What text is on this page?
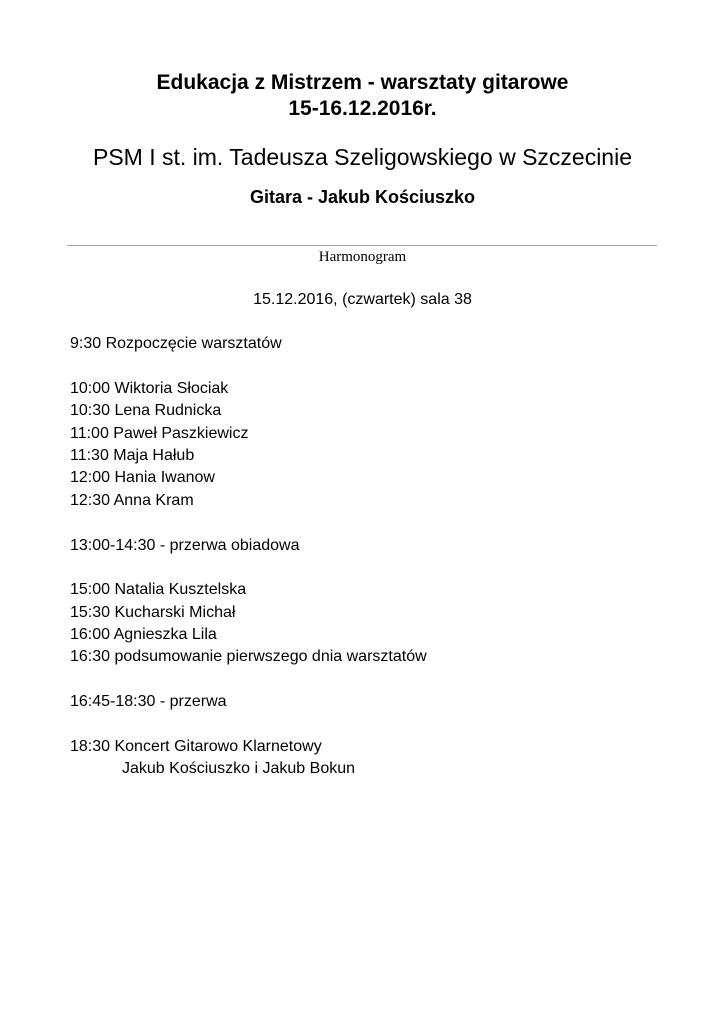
Edukacja z Mistrzem - warsztaty gitarowe
15-16.12.2016r.

PSM I st. im. Tadeusza Szeligowskiego w Szczecinie

Gitara - Jakub Kościuszko

Harmonogram
15.12.2016, (czwartek) sala 38
9:30 Rozpoczęcie warsztatów
10:00 Wiktoria Słociak
10:30 Lena Rudnicka
11:00 Paweł Paszkiewicz
11:30 Maja Hałub
12:00 Hania Iwanow
12:30 Anna Kram
13:00-14:30 - przerwa obiadowa
15:00 Natalia Kusztelska
15:30 Kucharski Michał
16:00 Agnieszka Lila
16:30 podsumowanie pierwszego dnia warsztatów
16:45-18:30 - przerwa
18:30 Koncert Gitarowo Klarnetowy
Jakub Kościuszko i Jakub Bokun
